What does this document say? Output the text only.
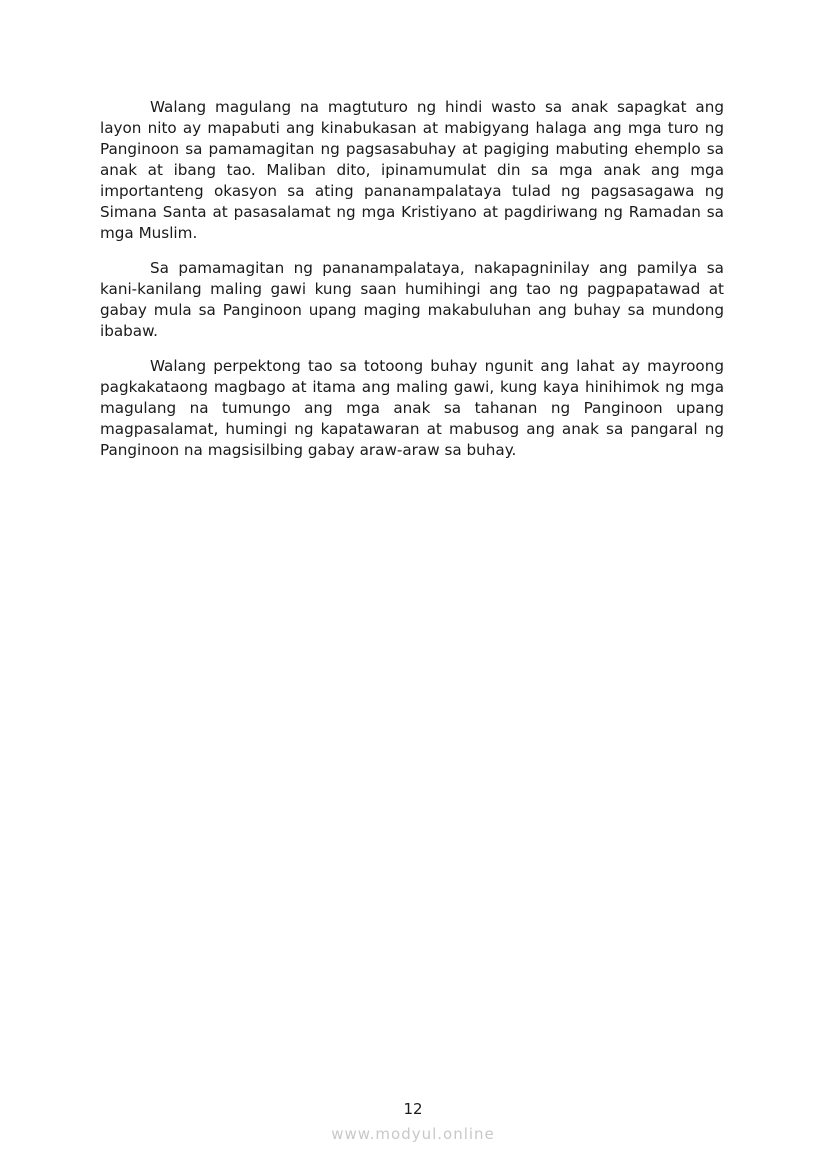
Walang magulang na magtuturo ng hindi wasto sa anak sapagkat ang layon nito ay mapabuti ang kinabukasan at mabigyang halaga ang mga turo ng Panginoon sa pamamagitan ng pagsasabuhay at pagiging mabuting ehemplo sa anak at ibang tao. Maliban dito, ipinamumulat din sa mga anak ang mga importanteng okasyon sa ating pananampalataya tulad ng pagsasagawa ng Simana Santa at pasasalamat ng mga Kristiyano at pagdiriwang ng Ramadan sa mga Muslim.

Sa pamamagitan ng pananampalataya, nakapagninilay ang pamilya sa kani-kanilang maling gawi kung saan humihingi ang tao ng pagpapatawad at gabay mula sa Panginoon upang maging makabuluhan ang buhay sa mundong ibabaw.

Walang perpektong tao sa totoong buhay ngunit ang lahat ay mayroong pagkakataong magbago at itama ang maling gawi, kung kaya hinihimok ng mga magulang na tumungo ang mga anak sa tahanan ng Panginoon upang magpasalamat, humingi ng kapatawaran at mabusog ang anak sa pangaral ng Panginoon na magsisilbing gabay araw-araw sa buhay.

12
www.modyul.online
